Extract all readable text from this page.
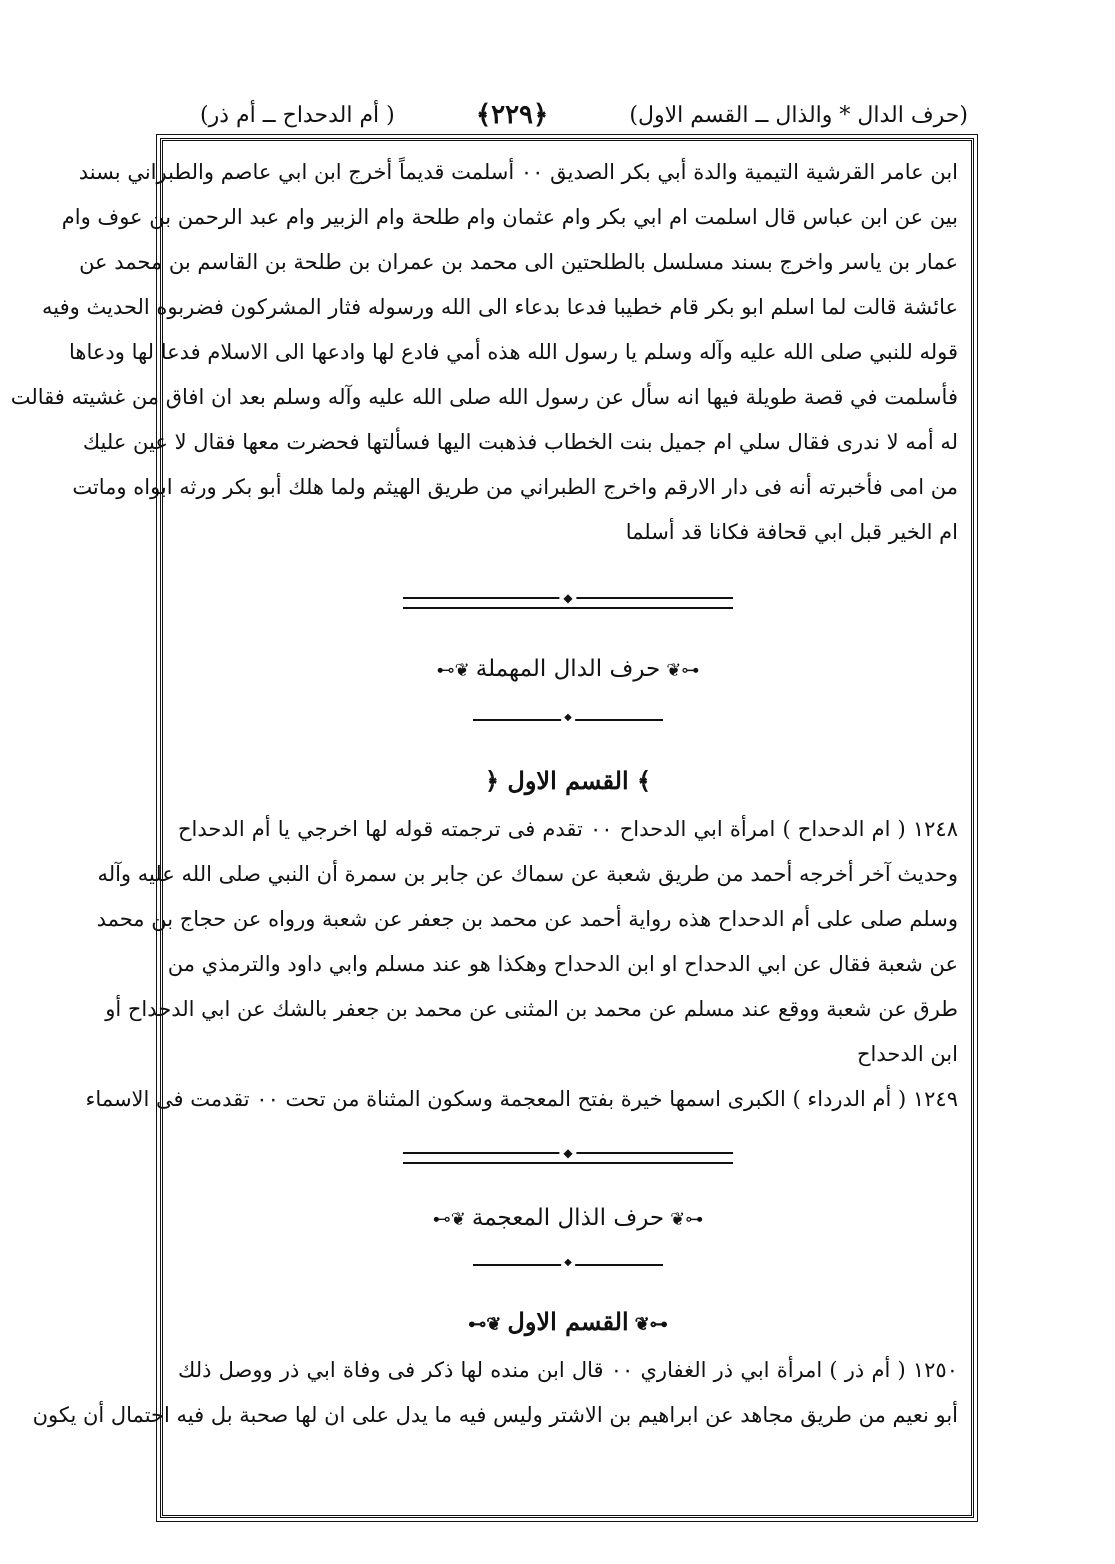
(حرف الدال * والذال ــ القسم الاول)
﴿٢٢٩﴾
( أم الدحداح ــ أم ذر)
ابن عامر القرشية التيمية والدة أبي بكر الصديق ٠٠ أسلمت قديماً أخرج ابن ابي عاصم والطبراني بسند
بين عن ابن عباس قال اسلمت ام ابي بكر وام عثمان وام طلحة وام الزبير وام عبد الرحمن بن عوف وام
عمار بن ياسر واخرج بسند مسلسل بالطلحتين الى محمد بن عمران بن طلحة بن القاسم بن محمد عن
عائشة قالت لما اسلم ابو بكر قام خطيبا فدعا بدعاء الى الله ورسوله فثار المشركون فضربوه الحديث وفيه
قوله للنبي صلى الله عليه وآله وسلم يا رسول الله هذه أمي فادع لها وادعها الى الاسلام فدعا لها ودعاها
فأسلمت في قصة طويلة فيها انه سأل عن رسول الله صلى الله عليه وآله وسلم بعد ان افاق من غشيته فقالت
له أمه لا ندرى فقال سلي ام جميل بنت الخطاب فذهبت اليها فسألتها فحضرت معها فقال لا عين عليك
من امى فأخبرته أنه فى دار الارقم واخرج الطبراني من طريق الهيثم ولما هلك أبو بكر ورثه ابواه وماتت
ام الخير قبل ابي قحافة فكانا قد أسلما
◆
⊷❦حرف الدال المهملة❦⊶
◆
﴾ القسم الاول ﴿
١٢٤٨ ( ام الدحداح ) امرأة ابي الدحداح ٠٠ تقدم فى ترجمته قوله لها اخرجي يا أم الدحداح
وحديث آخر أخرجه أحمد من طريق شعبة عن سماك عن جابر بن سمرة أن النبي صلى الله عليه وآله
وسلم صلى على أم الدحداح هذه رواية أحمد عن محمد بن جعفر عن شعبة ورواه عن حجاج بن محمد
عن شعبة فقال عن ابي الدحداح او ابن الدحداح وهكذا هو عند مسلم وابي داود والترمذي من
طرق عن شعبة ووقع عند مسلم عن محمد بن المثنى عن محمد بن جعفر بالشك عن ابي الدحداح أو
ابن الدحداح
١٢٤٩ ( أم الدرداء ) الكبرى اسمها خيرة بفتح المعجمة وسكون المثناة من تحت ٠٠ تقدمت فى الاسماء
◆
⊷❦حرف الذال المعجمة❦⊶
◆
⊷❦القسم الاول❦⊶
١٢٥٠ ( أم ذر ) امرأة ابي ذر الغفاري ٠٠ قال ابن منده لها ذكر فى وفاة ابي ذر ووصل ذلك
أبو نعيم من طريق مجاهد عن ابراهيم بن الاشتر وليس فيه ما يدل على ان لها صحبة بل فيه احتمال أن يكون
